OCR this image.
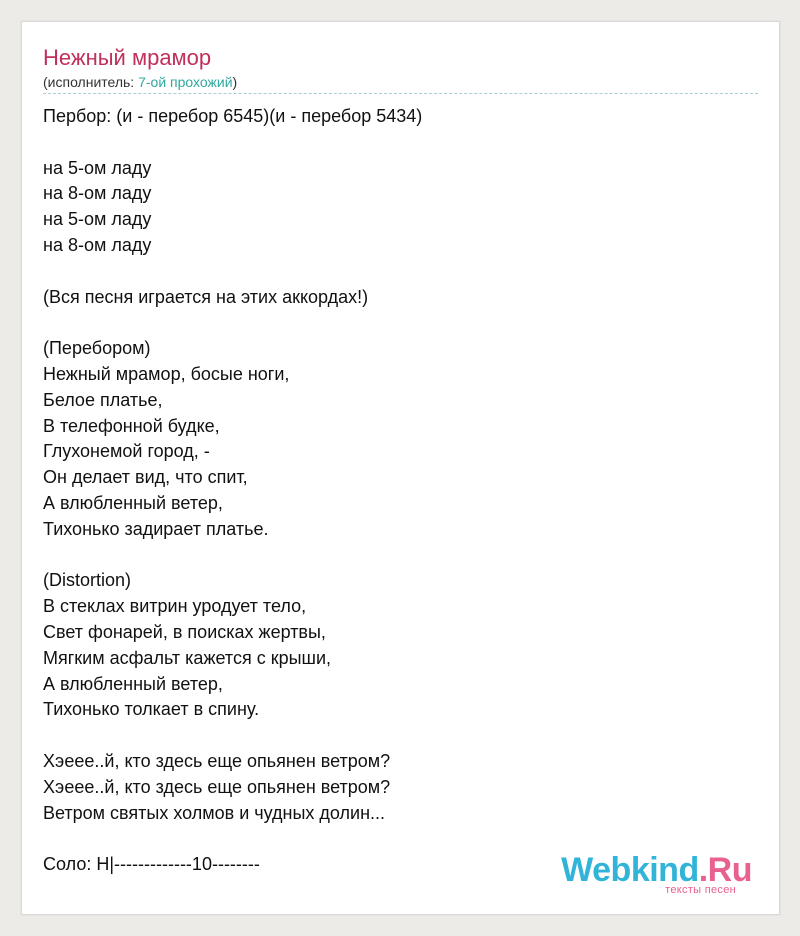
Нежный мрамор
(исполнитель: 7-ой прохожий)
Пербор: (и - перебор 6545)(и - перебор 5434)
на 5-ом ладу
на 8-ом ладу
на 5-ом ладу
на 8-ом ладу
(Вся песня играется на этих аккордах!)
(Перебором)
Нежный мрамор, босые ноги,
Белое платье,
В телефонной будке,
Глухонемой город, -
Он делает вид, что спит,
А влюбленный ветер,
Тихонько задирает платье.
(Distortion)
В стеклах витрин уродует тело,
Свет фонарей, в поисках жертвы,
Мягким асфальт кажется с крыши,
А влюбленный ветер,
Тихонько толкает в спину.
Хэеее..й, кто здесь еще опьянен ветром?
Хэеее..й, кто здесь еще опьянен ветром?
Ветром святых холмов и чудных долин...
Соло: H|-------------10--------	Webkind.Ru
тексты песен
